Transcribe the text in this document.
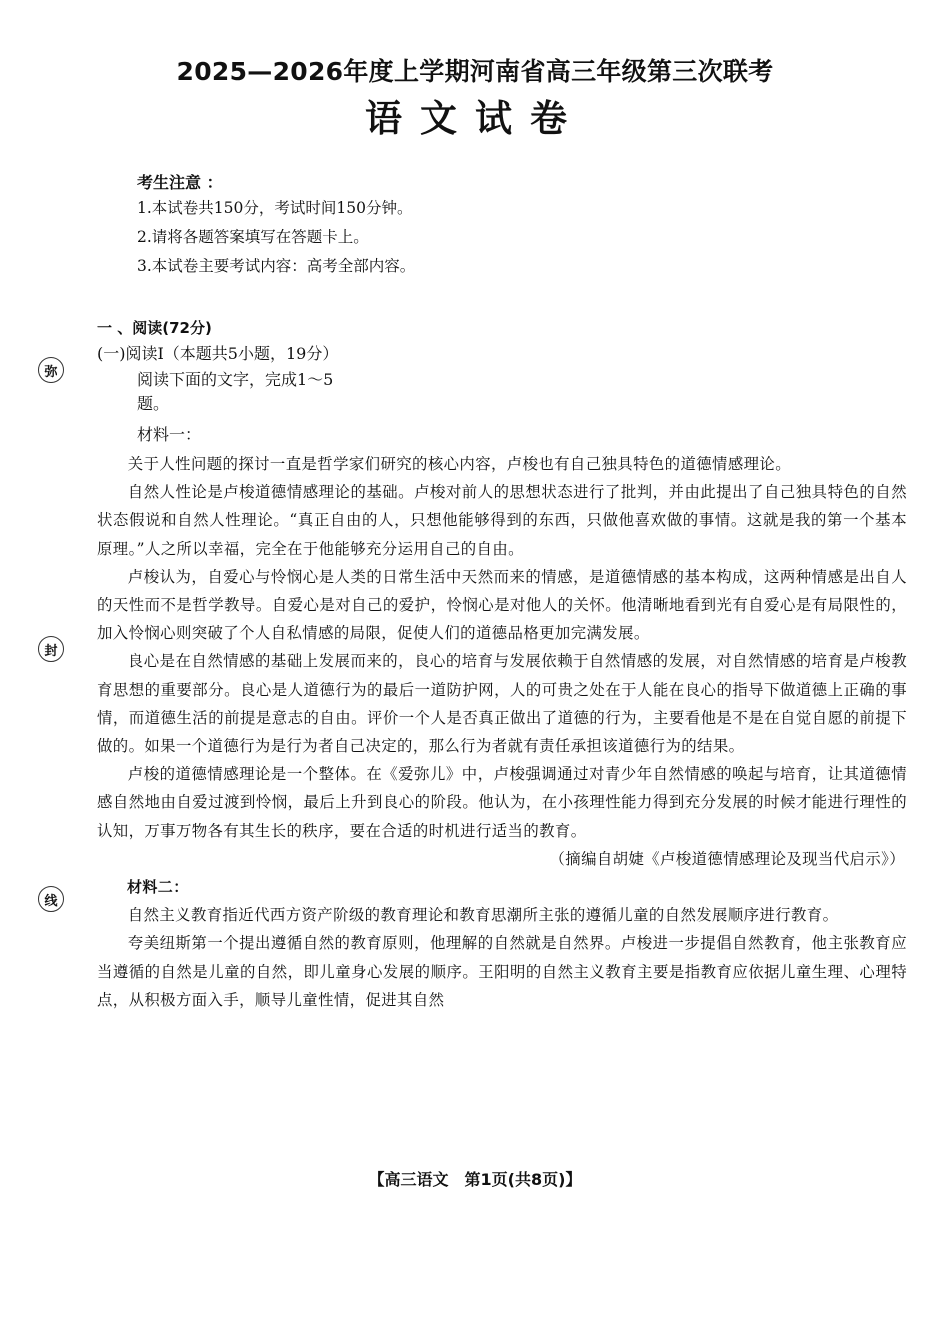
2025—2026年度上学期河南省高三年级第三次联考
语文试卷
考生注意 ：
1.本试卷共150分，考试时间150分钟。
2.请将各题答案填写在答题卡上。
3.本试卷主要考试内容：高考全部内容。
一 、阅读(72分)
(一)阅读Ⅰ（本题共5小题，19分）
阅读下面的文字，完成1～5
题。
材料一：

关于人性问题的探讨一直是哲学家们研究的核心内容，卢梭也有自己独具特色的道德情感理论。

自然人性论是卢梭道德情感理论的基础。卢梭对前人的思想状态进行了批判，并由此提出了自己独具特色的自然状态假说和自然人性理论。“真正自由的人，只想他能够得到的东西，只做他喜欢做的事情。这就是我的第一个基本原理。”人之所以幸福，完全在于他能够充分运用自己的自由。

卢梭认为，自爱心与怜悯心是人类的日常生活中天然而来的情感，是道德情感的基本构成，这两种情感是出自人的天性而不是哲学教导。自爱心是对自己的爱护，怜悯心是对他人的关怀。他清晰地看到光有自爱心是有局限性的，加入怜悯心则突破了个人自私情感的局限，促使人们的道德品格更加完满发展。

良心是在自然情感的基础上发展而来的，良心的培育与发展依赖于自然情感的发展，对自然情感的培育是卢梭教育思想的重要部分。良心是人道德行为的最后一道防护网，人的可贵之处在于人能在良心的指导下做道德上正确的事情，而道德生活的前提是意志的自由。评价一个人是否真正做出了道德的行为，主要看他是不是在自觉自愿的前提下做的。如果一个道德行为是行为者自己决定的，那么行为者就有责任承担该道德行为的结果。

卢梭的道德情感理论是一个整体。在《爱弥儿》中，卢梭强调通过对青少年自然情感的唤起与培育，让其道德情感自然地由自爱过渡到怜悯，最后上升到良心的阶段。他认为，在小孩理性能力得到充分发展的时候才能进行理性的认知，万事万物各有其生长的秩序，要在合适的时机进行适当的教育。

（摘编自胡婕《卢梭道德情感理论及现当代启示》）

材料二：

自然主义教育指近代西方资产阶级的教育理论和教育思潮所主张的遵循儿童的自然发展顺序进行教育。

夸美纽斯第一个提出遵循自然的教育原则，他理解的自然就是自然界。卢梭进一步提倡自然教育，他主张教育应当遵循的自然是儿童的自然，即儿童身心发展的顺序。王阳明的自然主义教育主要是指教育应依据儿童生理、心理特点，从积极方面入手，顺导儿童性情，促进其自然

弥
封
线
【高三语文　第1页(共8页)】
